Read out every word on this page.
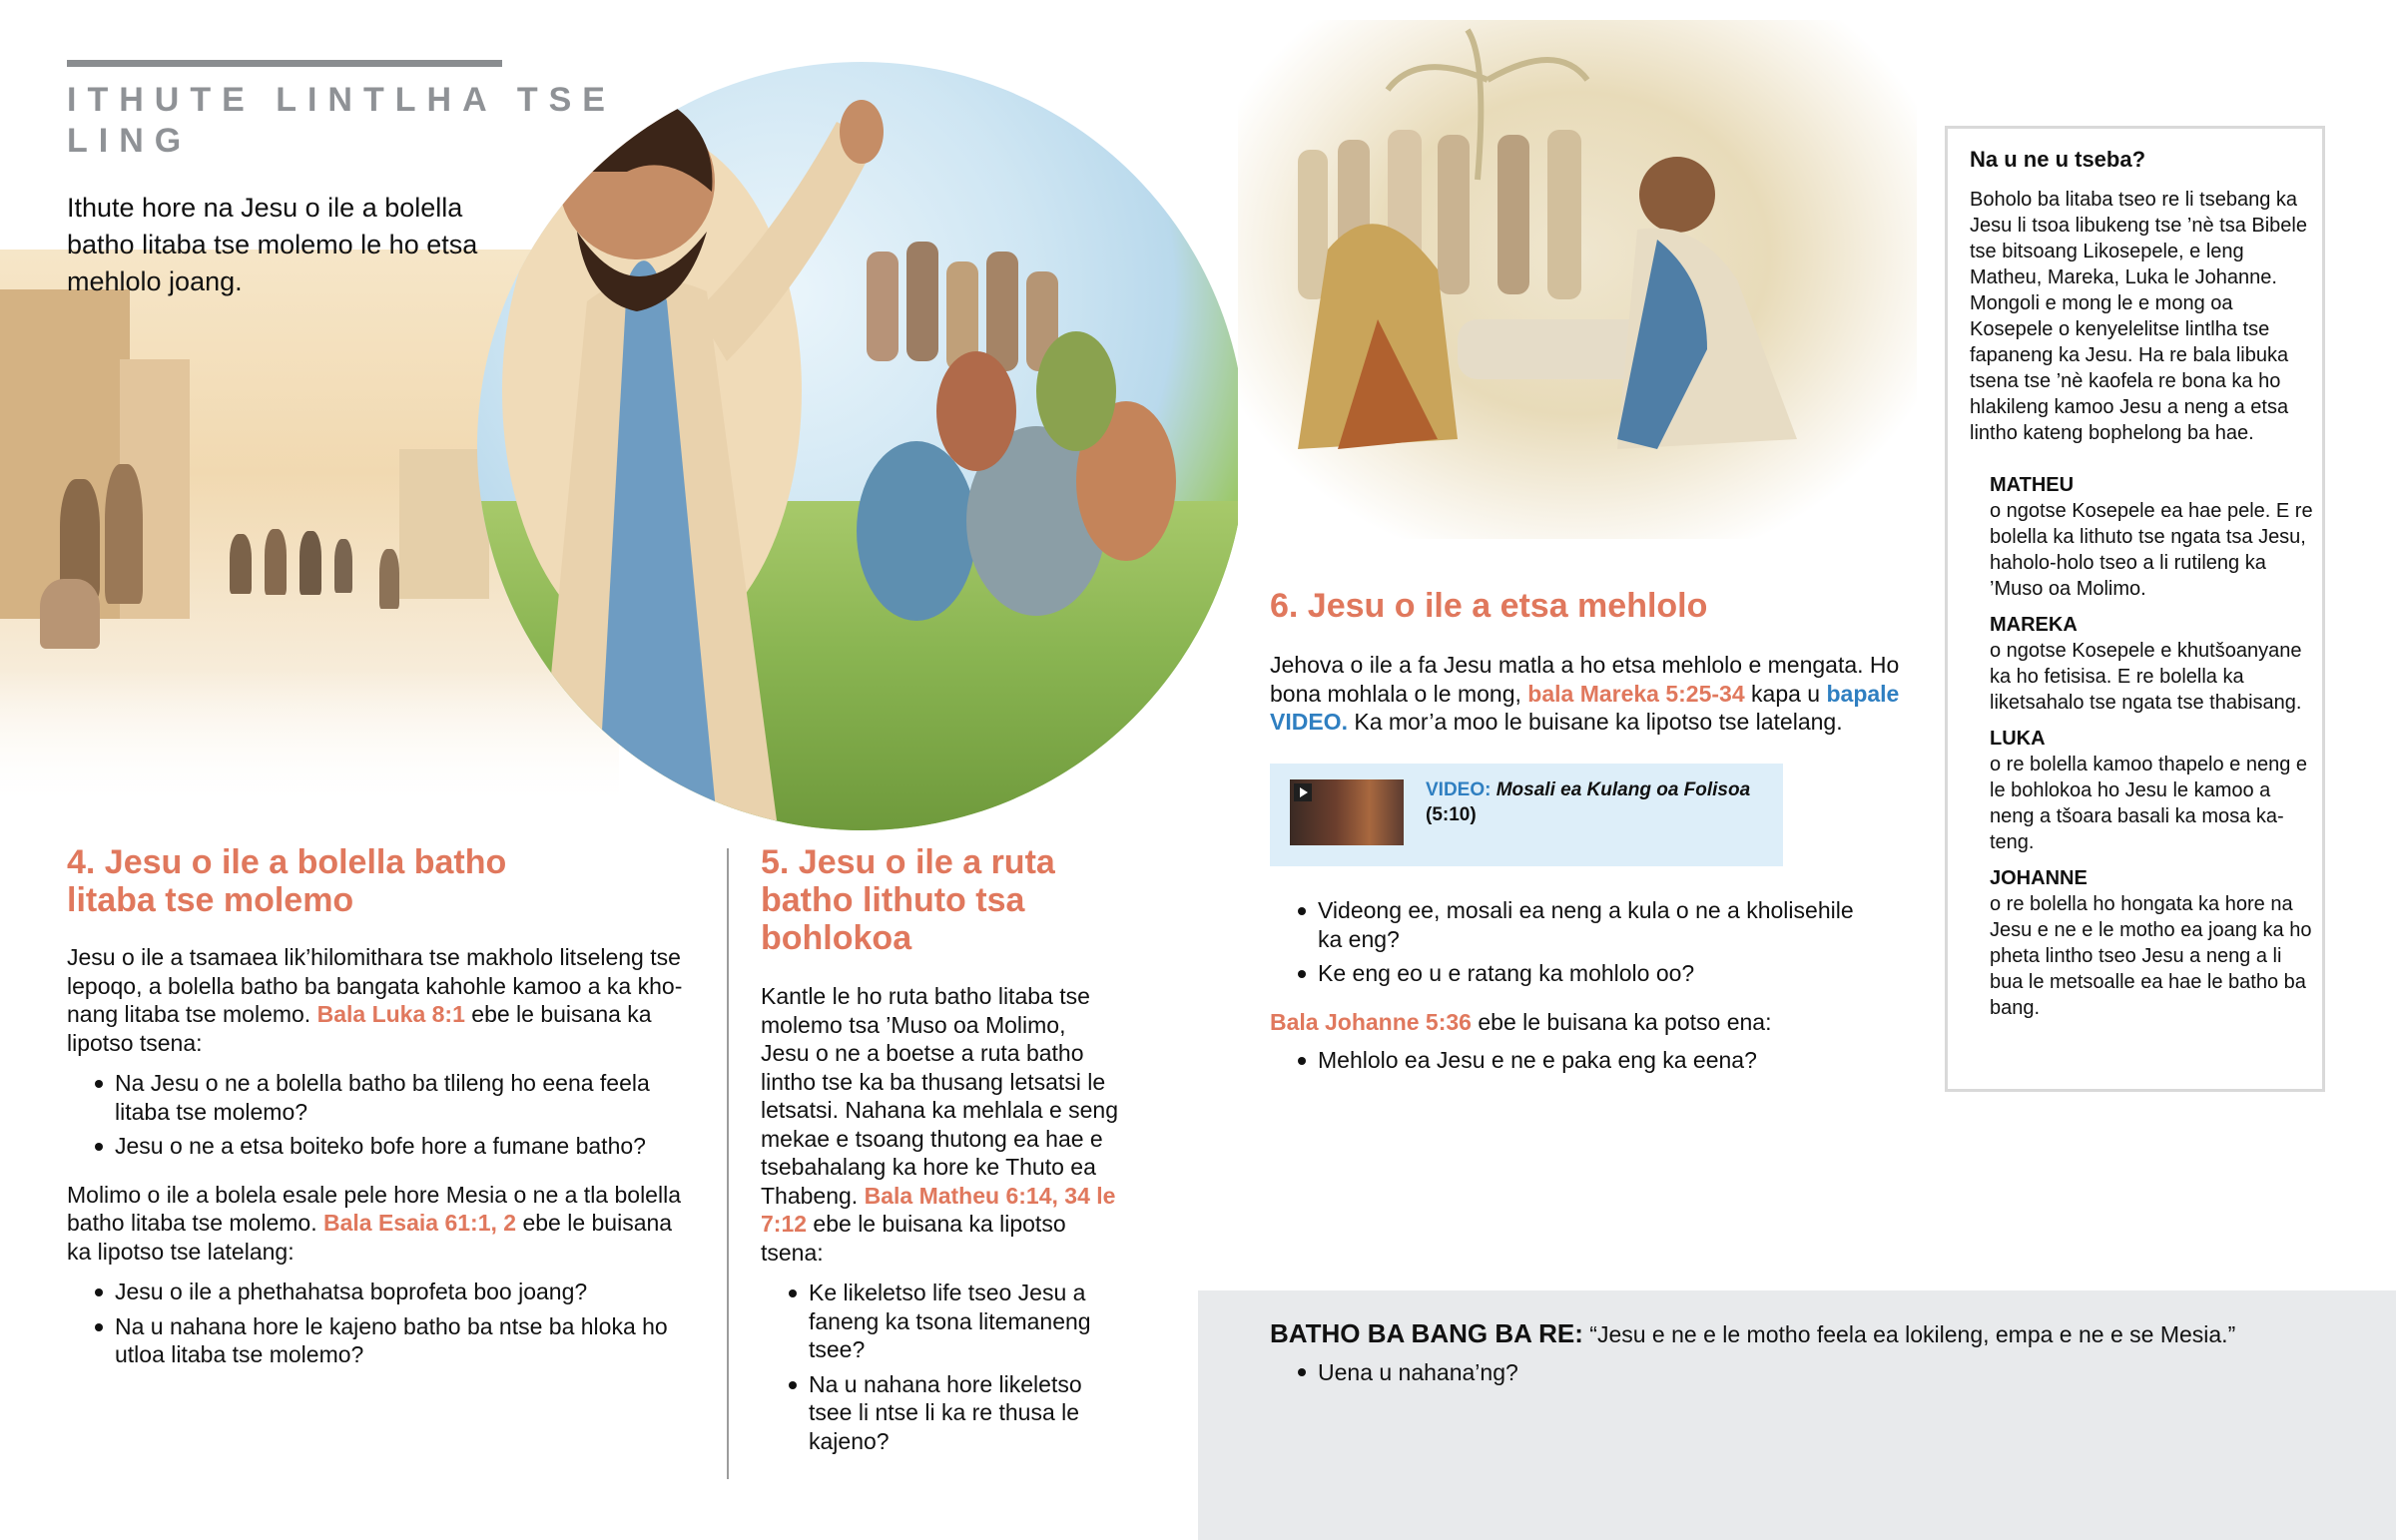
ITHUTE LINTLHA TSE LING
Ithute hore na Jesu o ile a bolella batho litaba tse molemo le ho etsa mehlolo joang.
4. Jesu o ile a bolella batho litaba tse molemo

Jesu o ile a tsamaea lik’hilomithara tse makholo litseleng tse lepoqo, a bolella batho ba bangata kahohle kamoo a ka khonang litaba tse molemo. Bala Luka 8:1 ebe le buisana ka lipotso tsena:

Na Jesu o ne a bolella batho ba tlileng ho eena feela litaba tse molemo?
Jesu o ne a etsa boiteko bofe hore a fumane batho?

Molimo o ile a bolela esale pele hore Mesia o ne a tla bolella batho litaba tse molemo. Bala Esaia 61:1, 2 ebe le buisana ka lipotso tse latelang:

Jesu o ile a phethahatsa boprofeta boo joang?
Na u nahana hore le kajeno batho ba ntse ba hloka ho utloa litaba tse molemo?
5. Jesu o ile a ruta batho lithuto tsa bohlokoa

Kantle le ho ruta batho litaba tse molemo tsa ’Muso oa Molimo, Jesu o ne a boetse a ruta batho lintho tse ka ba thusang letsatsi le letsatsi. Nahana ka mehlala e seng mekae e tsoang thutong ea hae e tsebahalang ka hore ke Thuto ea Thabeng. Bala Matheu 6:14, 34 le 7:12 ebe le buisana ka lipotso tsena:

Ke likeletso life tseo Jesu a faneng ka tsona litemaneng tsee?
Na u nahana hore likeletso tsee li ntse li ka re thusa le kajeno?
6. Jesu o ile a etsa mehlolo

Jehova o ile a fa Jesu matla a ho etsa mehlolo e mengata. Ho bona mohlala o le mong, bala Mareka 5:25-34 kapa u bapale VIDEO. Ka mor’a moo le buisane ka lipotso tse latelang.

VIDEO: Mosali ea Kulang oa Folisoa
(5:10)
Videong ee, mosali ea neng a kula o ne a kholisehile ka eng?
Ke eng eo u e ratang ka mohlolo oo?

Bala Johanne 5:36 ebe le buisana ka potso ena:

Mehlolo ea Jesu e ne e paka eng ka eena?
Na u ne u tseba?
Boholo ba litaba tseo re li tsebang ka Jesu li tsoa libukeng tse ’nè tsa Bibele tse bitsoang Likosepele, e leng Matheu, Mareka, Luka le Johanne. Mongoli e mong le e mong oa Kosepele o kenyelelitse lintlha tse fapaneng ka Jesu. Ha re bala libuka tsena tse ’nè kaofela re bona ka ho hlakileng kamoo Jesu a neng a etsa lintho kateng bophelong ba hae.
MATHEU
o ngotse Kosepele ea hae pele. E re bolella ka lithuto tse ngata tsa Jesu, haholo-holo tseo a li rutileng ka ’Muso oa Molimo.
MAREKA
o ngotse Kosepele e khutšoanyane ka ho fetisisa. E re bolella ka liketsahalo tse ngata tse thabisang.
LUKA
o re bolella kamoo thapelo e neng e le bohlokoa ho Jesu le kamoo a neng a tšoara basali ka mosa kateng.
JOHANNE
o re bolella ho hongata ka hore na Jesu e ne e le motho ea joang ka ho pheta lintho tseo Jesu a neng a li bua le metsoalle ea hae le batho ba bang.
BATHO BA BANG BA RE: “Jesu e ne e le motho feela ea lokileng, empa e ne e se Mesia.”
Uena u nahana’ng?
